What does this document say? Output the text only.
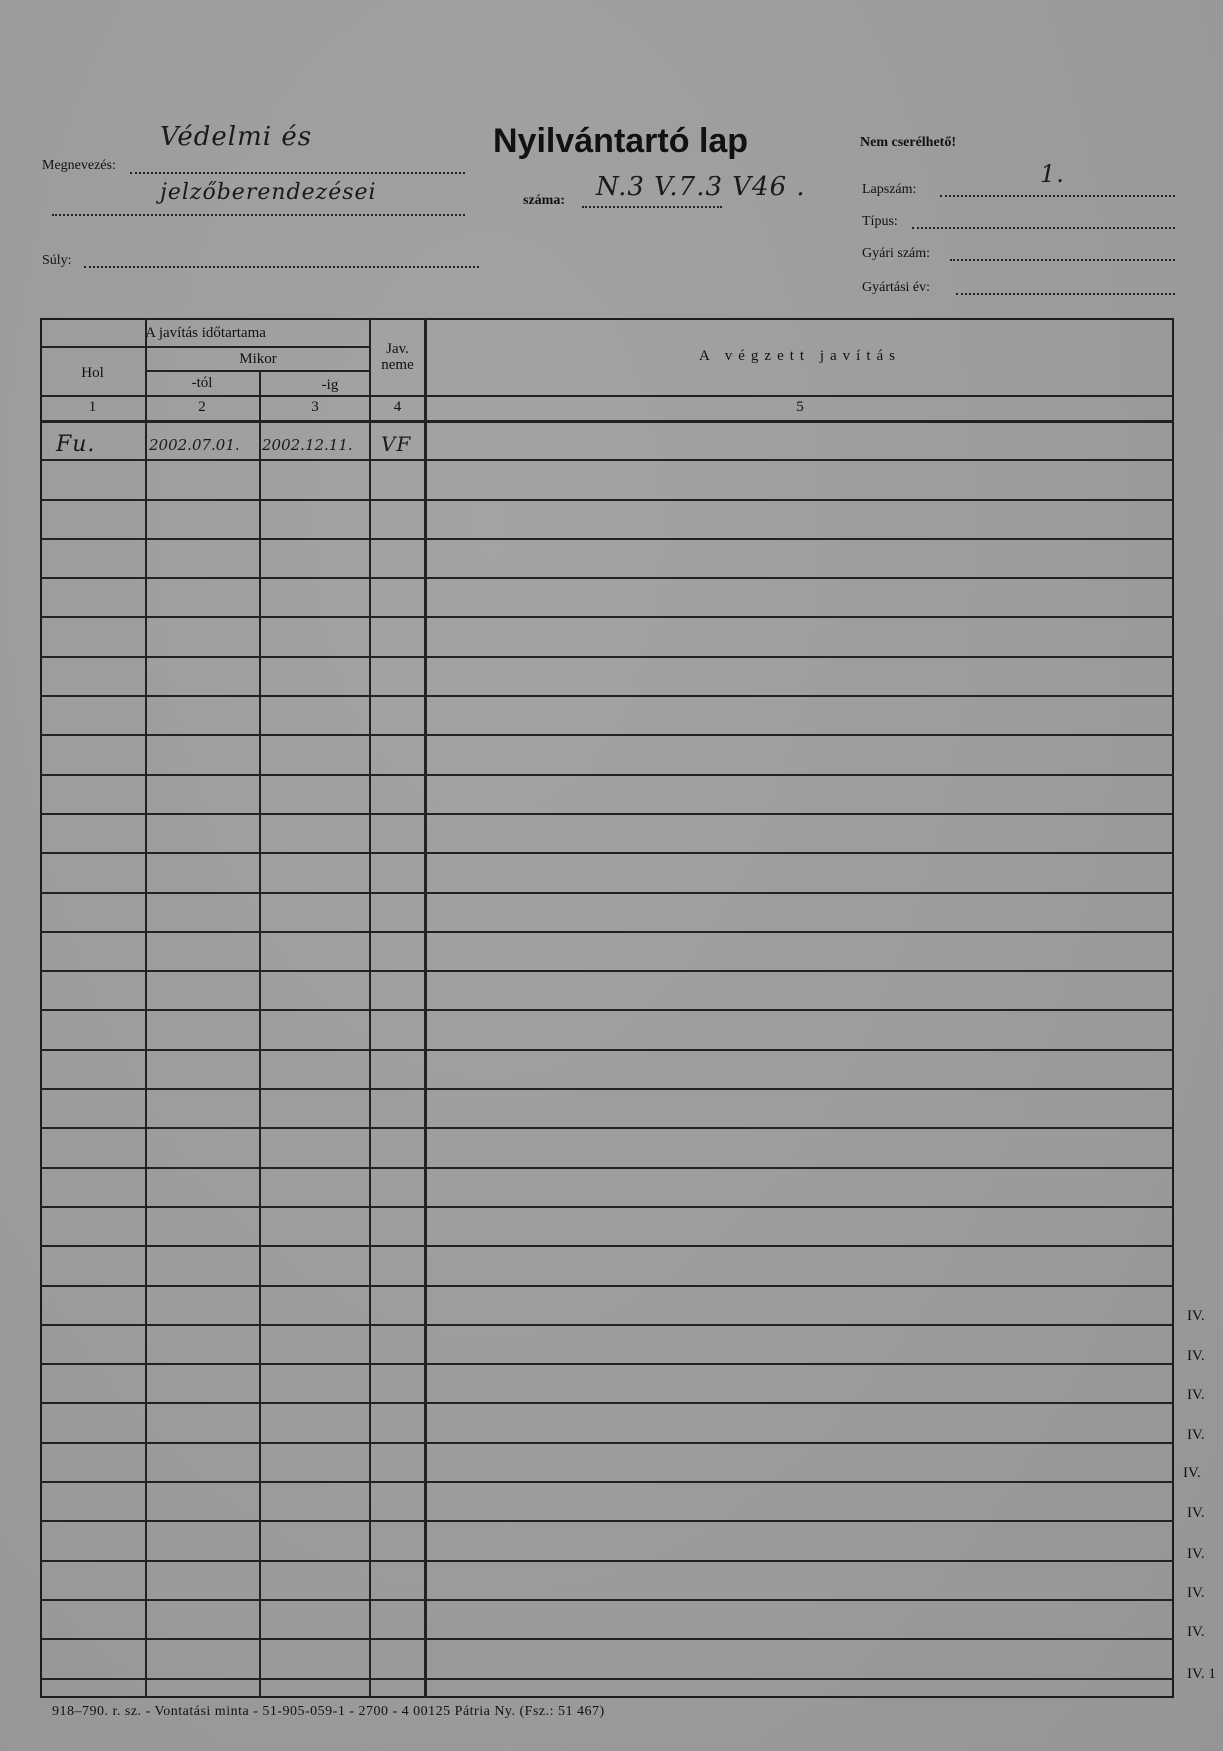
Megnevezés:
Védelmi és
jelzőberendezései
Súly:
Nyilvántartó lap
száma: N.3 V.7.3 V46 .
Nem cserélhető!
Lapszám:
1.
Típus:
Gyári szám:
Gyártási év:
A javítás időtartama
Hol
Mikor
-tól	-ig
Jav.
neme
A végzett javítás
1	2	3	4	5
Fu.	2002.07.01. 2002.12.11. VF
IV.
IV.
IV.
IV.
IV.
IV.
IV.
IV.
IV.
IV. 1
918–790. r. sz. - Vontatási minta - 51-905-059-1 - 2700 - 4 00125 Pátria Ny. (Fsz.: 51 467)
